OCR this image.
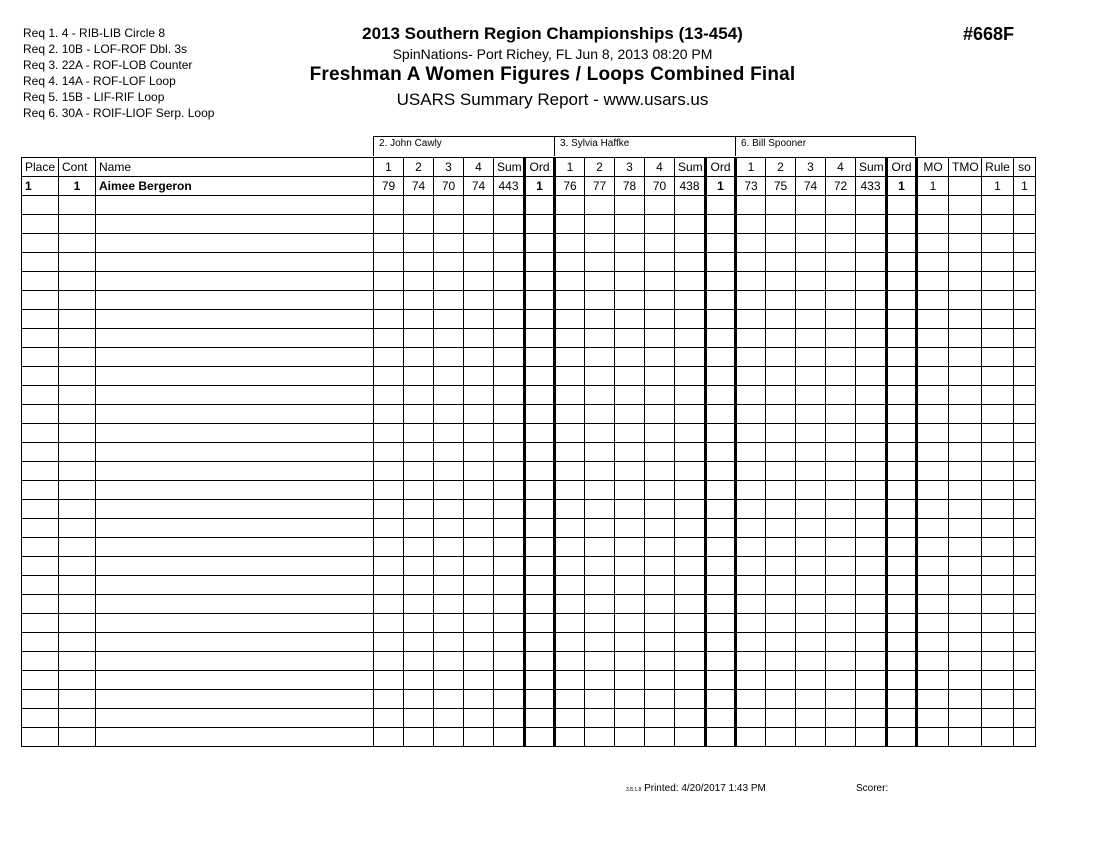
Req 1. 4 - RIB-LIB Circle 8
Req 2. 10B - LOF-ROF Dbl. 3s
Req 3. 22A - ROF-LOB Counter
Req 4. 14A - ROF-LOF Loop
Req 5. 15B - LIF-RIF Loop
Req 6. 30A - ROIF-LIOF Serp. Loop
2013 Southern Region Championships (13-454)
SpinNations- Port Richey, FL Jun 8, 2013 08:20 PM
Freshman A Women Figures / Loops Combined Final
USARS Summary Report - www.usars.us
#668F
2. John Cawly	3. Sylvia Haffke	6. Bill Spooner
Place	Cont	Name	1	2	3	4	Sum	Ord	1	2	3	4	Sum	Ord	1	2	3	4	Sum	Ord	MO	TMO	Rule	so
1	1	Aimee Bergeron	79	74	70	74	443	1	76	77	78	70	438	1	73	75	74	72	433	1	1		1	1

3.8.1.8 Printed: 4/20/2017 1:43 PM	Scorer:
